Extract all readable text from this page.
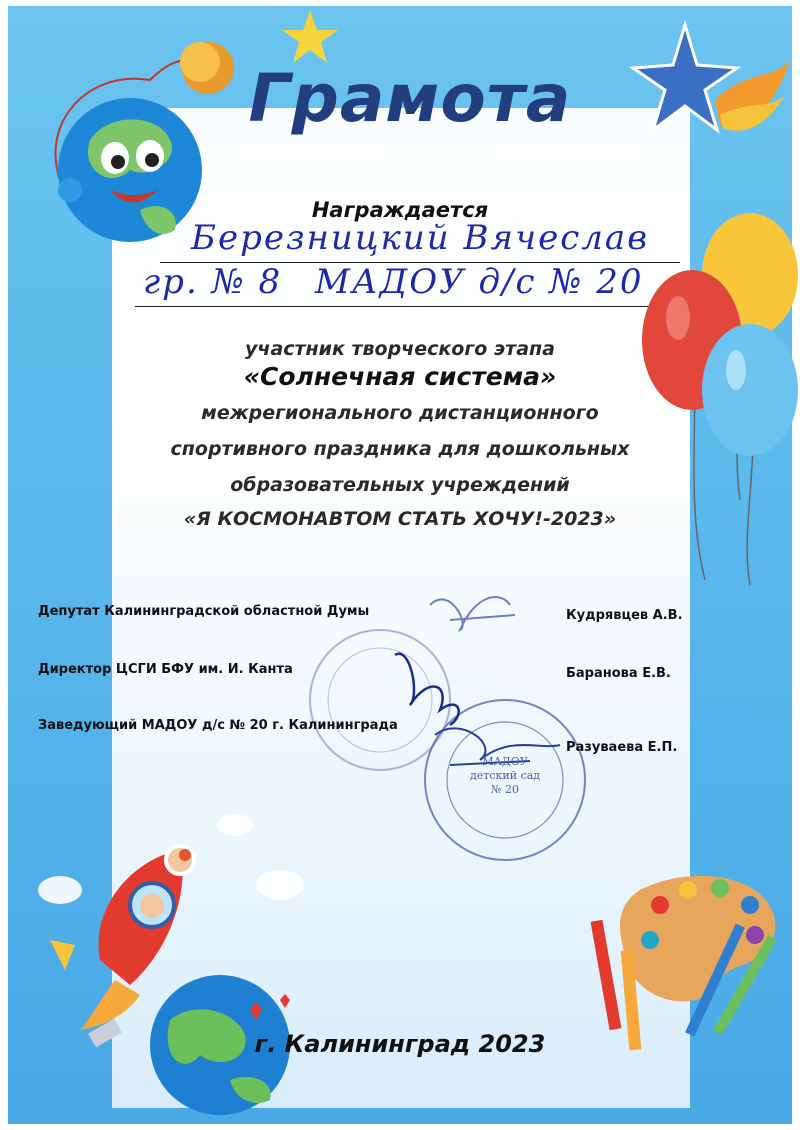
Грамота
Награждается
Березницкий Вячеслав
гр. № 8 МАДОУ д/с № 20
участник творческого этапа
«Солнечная система»
межрегионального дистанционного
спортивного праздника для дошкольных
образовательных учреждений
«Я КОСМОНАВТОМ СТАТЬ ХОЧУ!-2023»
МАДОУ
детский сад
№ 20
Депутат Калининградской областной Думы	Кудрявцев А.В.
Директор ЦСГИ БФУ им. И. Канта	Баранова Е.В.
Заведующий МАДОУ д/с № 20 г. Калининграда
Разуваева Е.П.
г. Калининград 2023
